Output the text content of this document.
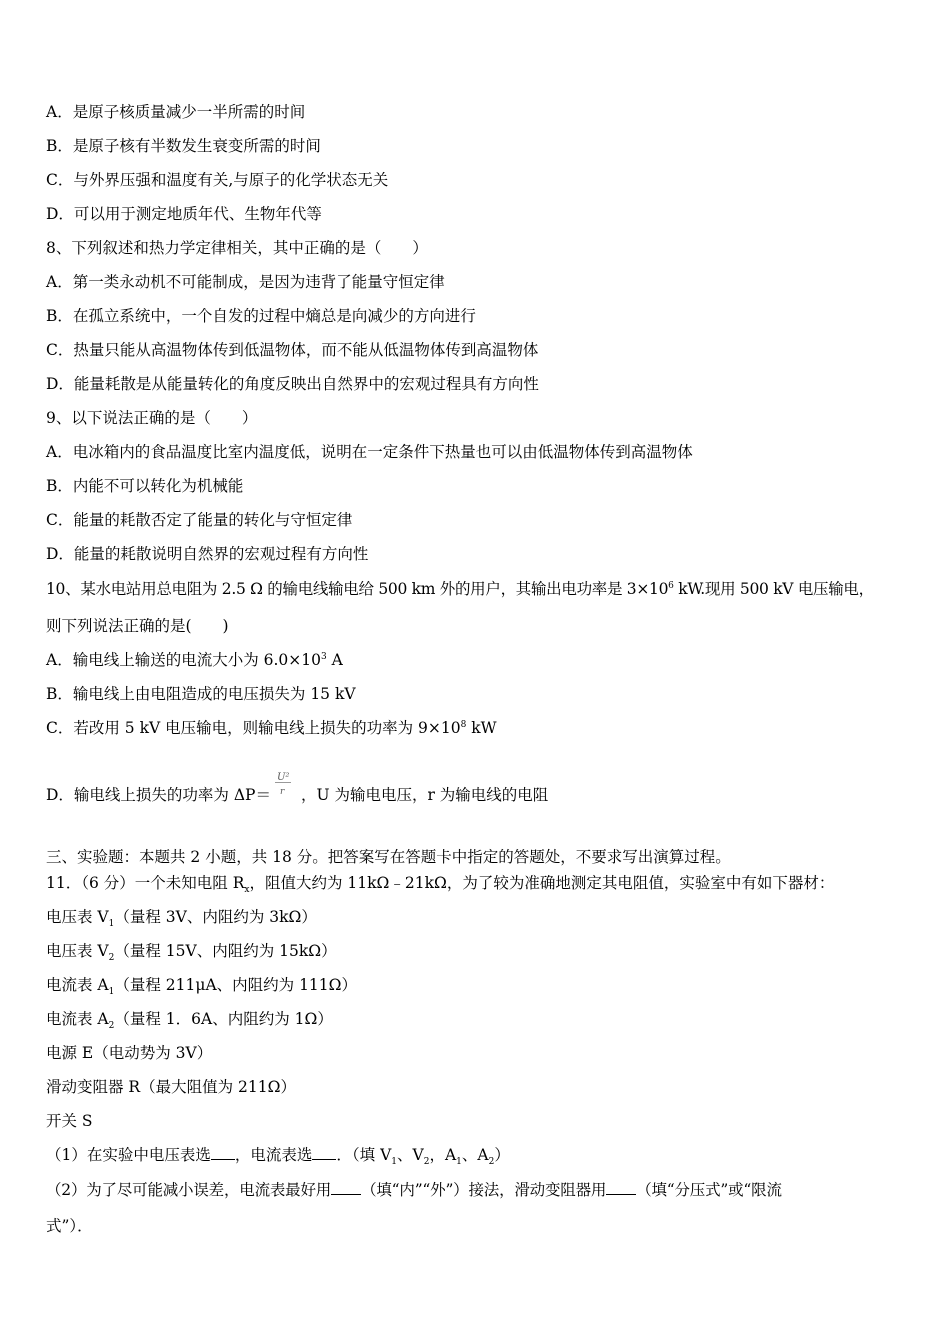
A．是原子核质量减少一半所需的时间
B．是原子核有半数发生衰变所需的时间
C．与外界压强和温度有关,与原子的化学状态无关
D．可以用于测定地质年代、生物年代等
8、下列叙述和热力学定律相关，其中正确的是（　　）
A．第一类永动机不可能制成，是因为违背了能量守恒定律
B．在孤立系统中，一个自发的过程中熵总是向减少的方向进行
C．热量只能从高温物体传到低温物体，而不能从低温物体传到高温物体
D．能量耗散是从能量转化的角度反映出自然界中的宏观过程具有方向性
9、以下说法正确的是（　　）
A．电冰箱内的食品温度比室内温度低，说明在一定条件下热量也可以由低温物体传到高温物体
B．内能不可以转化为机械能
C．能量的耗散否定了能量的转化与守恒定律
D．能量的耗散说明自然界的宏观过程有方向性
10、某水电站用总电阻为 2.5 Ω 的输电线输电给 500 km 外的用户，其输出电功率是 $3\times 10^6$ kW.现用 500 kV 电压输电，
则下列说法正确的是(　　)
A．输电线上输送的电流大小为 $6.0\times 10^3$ A
B．输电线上由电阻造成的电压损失为 15 kV
C．若改用 5 kV 电压输电，则输电线上损失的功率为 $9\times 10^8$ kW
D．输电线上损失的功率为 ΔP＝
U²
r ，U 为输电电压，r 为输电线的电阻
三、实验题：本题共 2 小题，共 18 分。把答案写在答题卡中指定的答题处，不要求写出演算过程。
11．（6 分）一个未知电阻 $R_x$，阻值大约为 11kΩ﹣21kΩ，为了较为准确地测定其电阻值，实验室中有如下器材：
电压表 $V_1$（量程 3V、内阻约为 3kΩ）
电压表 $V_2$（量程 15V、内阻约为 15kΩ）
电流表 $A_1$（量程 211μA、内阻约为 111Ω）
电流表 $A_2$（量程 1．6A、内阻约为 1Ω）
电源 E（电动势为 3V）
滑动变阻器 R（最大阻值为 211Ω）
开关 S
（1）在实验中电压表选 ，电流表选 ．（填 $V_1$、$V_2$，$A_1$、$A_2$）
（2）为了尽可能减小误差，电流表最好用 （填“内”“外”）接法，滑动变阻器用 （填“分压式”或“限流
式”）．
